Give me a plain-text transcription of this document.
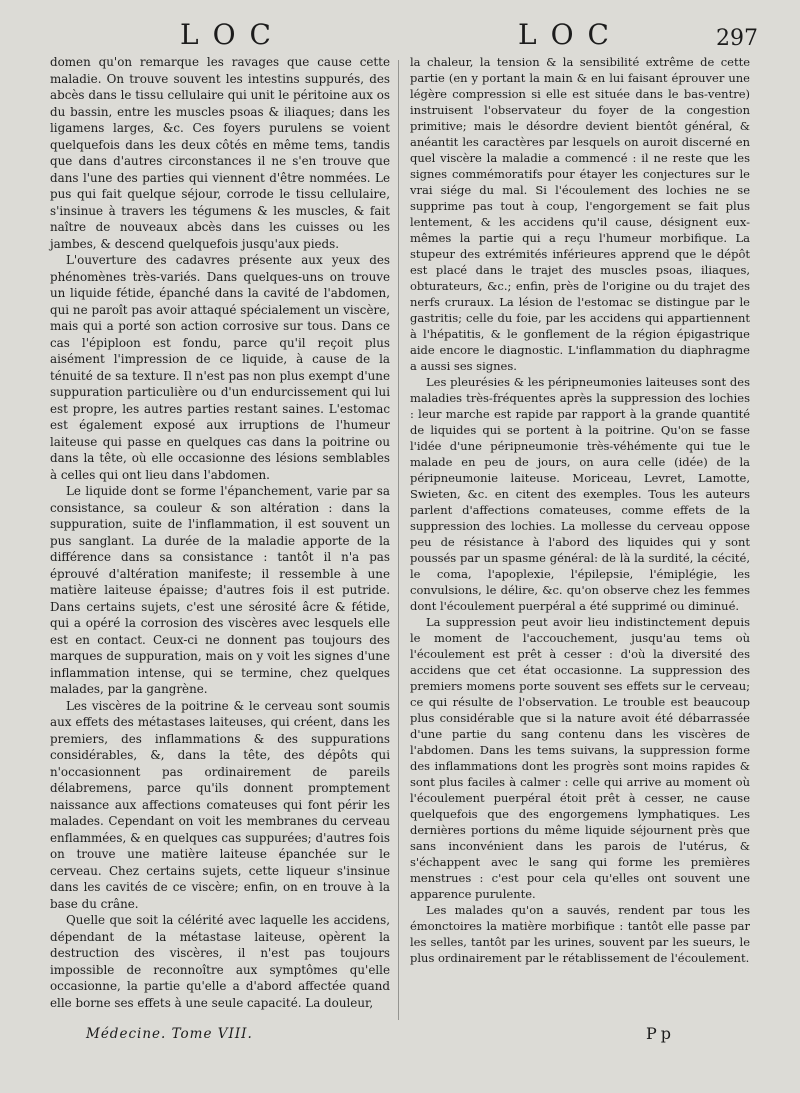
LOC	LOC	297

domen qu'on remarque les ravages que cause cette maladie. On trouve souvent les intestins suppurés, des abcès dans le tissu cellulaire qui unit le péritoine aux os du bassin, entre les muscles psoas & iliaques; dans les ligamens larges, &c. Ces foyers purulens se voient quelquefois dans les deux côtés en même tems, tandis que dans d'autres circonstances il ne s'en trouve que dans l'une des parties qui viennent d'être nommées. Le pus qui fait quelque séjour, corrode le tissu cellulaire, s'insinue à travers les tégumens & les muscles, & fait naître de nouveaux abcès dans les cuisses ou les jambes, & descend quelquefois jusqu'aux pieds.

L'ouverture des cadavres présente aux yeux des phénomènes très-variés. Dans quelques-uns on trouve un liquide fétide, épanché dans la cavité de l'abdomen, qui ne paroît pas avoir attaqué spécialement un viscère, mais qui a porté son action corrosive sur tous. Dans ce cas l'épiploon est fondu, parce qu'il reçoit plus aisément l'impression de ce liquide, à cause de la ténuité de sa texture. Il n'est pas non plus exempt d'une suppuration particulière ou d'un endurcissement qui lui est propre, les autres parties restant saines. L'estomac est également exposé aux irruptions de l'humeur laiteuse qui passe en quelques cas dans la poitrine ou dans la tête, où elle occasionne des lésions semblables à celles qui ont lieu dans l'abdomen.

Le liquide dont se forme l'épanchement, varie par sa consistance, sa couleur & son altération : dans la suppuration, suite de l'inflammation, il est souvent un pus sanglant. La durée de la maladie apporte de la différence dans sa consistance : tantôt il n'a pas éprouvé d'altération manifeste; il ressemble à une matière laiteuse épaisse; d'autres fois il est putride. Dans certains sujets, c'est une sérosité âcre & fétide, qui a opéré la corrosion des viscères avec lesquels elle est en contact. Ceux-ci ne donnent pas toujours des marques de suppuration, mais on y voit les signes d'une inflammation intense, qui se termine, chez quelques malades, par la gangrène.

Les viscères de la poitrine & le cerveau sont soumis aux effets des métastases laiteuses, qui créent, dans les premiers, des inflammations & des suppurations considérables, &, dans la tête, des dépôts qui n'occasionnent pas ordinairement de pareils délabremens, parce qu'ils donnent promptement naissance aux affections comateuses qui font périr les malades. Cependant on voit les membranes du cerveau enflammées, & en quelques cas suppurées; d'autres fois on trouve une matière laiteuse épanchée sur le cerveau. Chez certains sujets, cette liqueur s'insinue dans les cavités de ce viscère; enfin, on en trouve à la base du crâne.

Quelle que soit la célérité avec laquelle les accidens, dépendant de la métastase laiteuse, opèrent la destruction des viscères, il n'est pas toujours impossible de reconnoître aux symptômes qu'elle occasionne, la partie qu'elle a d'abord affectée quand elle borne ses effets à une seule capacité. La douleur,

la chaleur, la tension & la sensibilité extrême de cette partie (en y portant la main & en lui faisant éprouver une légère compression si elle est située dans le bas-ventre) instruisent l'observateur du foyer de la congestion primitive; mais le désordre devient bientôt général, & anéantit les caractères par lesquels on auroit discerné en quel viscère la maladie a commencé : il ne reste que les signes commémoratifs pour étayer les conjectures sur le vrai siége du mal. Si l'écoulement des lochies ne se supprime pas tout à coup, l'engorgement se fait plus lentement, & les accidens qu'il cause, désignent eux-mêmes la partie qui a reçu l'humeur morbifique. La stupeur des extrémités inférieures apprend que le dépôt est placé dans le trajet des muscles psoas, iliaques, obturateurs, &c.; enfin, près de l'origine ou du trajet des nerfs cruraux. La lésion de l'estomac se distingue par le gastritis; celle du foie, par les accidens qui appartiennent à l'hépatitis, & le gonflement de la région épigastrique aide encore le diagnostic. L'inflammation du diaphragme a aussi ses signes.

Les pleurésies & les péripneumonies laiteuses sont des maladies très-fréquentes après la suppression des lochies : leur marche est rapide par rapport à la grande quantité de liquides qui se portent à la poitrine. Qu'on se fasse l'idée d'une péripneumonie très-véhémente qui tue le malade en peu de jours, on aura celle (idée) de la péripneumonie laiteuse. Moriceau, Levret, Lamotte, Swieten, &c. en citent des exemples. Tous les auteurs parlent d'affections comateuses, comme effets de la suppression des lochies. La mollesse du cerveau oppose peu de résistance à l'abord des liquides qui y sont poussés par un spasme général: de là la surdité, la cécité, le coma, l'apoplexie, l'épilepsie, l'émiplégie, les convulsions, le délire, &c. qu'on observe chez les femmes dont l'écoulement puerpéral a été supprimé ou diminué.

La suppression peut avoir lieu indistinctement depuis le moment de l'accouchement, jusqu'au tems où l'écoulement est prêt à cesser : d'où la diversité des accidens que cet état occasionne. La suppression des premiers momens porte souvent ses effets sur le cerveau; ce qui résulte de l'observation. Le trouble est beaucoup plus considérable que si la nature avoit été débarrassée d'une partie du sang contenu dans les viscères de l'abdomen. Dans les tems suivans, la suppression forme des inflammations dont les progrès sont moins rapides & sont plus faciles à calmer : celle qui arrive au moment où l'écoulement puerpéral étoit prêt à cesser, ne cause quelquefois que des engorgemens lymphatiques. Les dernières portions du même liquide séjournent près que sans inconvénient dans les parois de l'utérus, & s'échappent avec le sang qui forme les premières menstrues : c'est pour cela qu'elles ont souvent une apparence purulente.

Les malades qu'on a sauvés, rendent par tous les émonctoires la matière morbifique : tantôt elle passe par les selles, tantôt par les urines, souvent par les sueurs, le plus ordinairement par le rétablissement de l'écoulement.

Médecine. Tome VIII.	Pp
